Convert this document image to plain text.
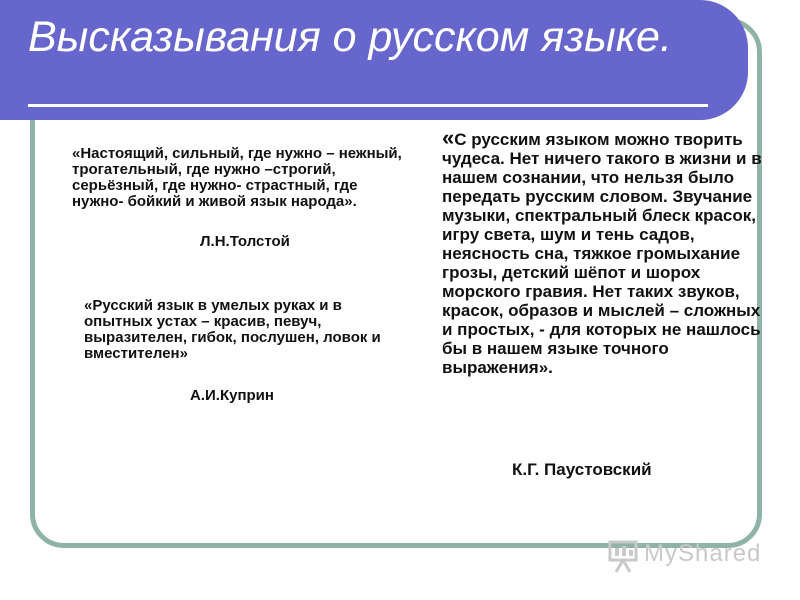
Высказывания о русском языке.
«Настоящий, сильный, где нужно – нежный, трогательный, где нужно –строгий, серьёзный, где нужно- страстный, где нужно- бойкий и живой язык народа».
Л.Н.Толстой
«Русский язык в умелых руках и в опытных устах – красив, певуч, выразителен, гибок, послушен, ловок и вместителен»
А.И.Куприн
«С русским языком можно творить чудеса. Нет ничего такого в жизни и в нашем сознании, что нельзя было передать русским словом. Звучание музыки, спектральный блеск красок, игру света, шум и тень садов, неясность сна, тяжкое громыхание грозы, детский шёпот и шорох морского гравия. Нет таких звуков, красок, образов и мыслей – сложных и простых, - для которых не нашлось бы в нашем языке точного выражения».
К.Г. Паустовский
MyShared
